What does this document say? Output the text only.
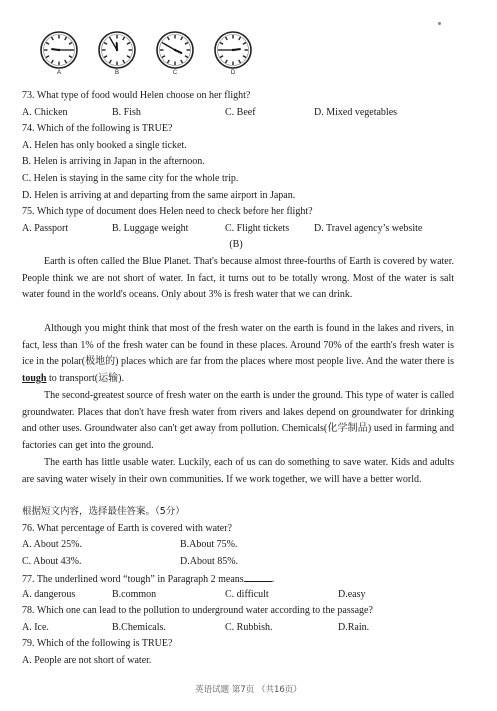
A	B	C	D
73. What type of food would Helen choose on her flight?
A. Chicken	B. Fish	C. Beef	D. Mixed vegetables
74. Which of the following is TRUE?
A. Helen has only booked a single ticket.
B. Helen is arriving in Japan in the afternoon.
C. Helen is staying in the same city for the whole trip.
D. Helen is arriving at and departing from the same airport in Japan.
75. Which type of document does Helen need to check before her flight?
A. Passport	B. Luggage weight	C. Flight tickets D. Travel agency’s website
(B)

Earth is often called the Blue Planet. That's because almost three-fourths of Earth is covered by water. People think we are not short of water. In fact, it turns out to be totally wrong. Most of the water is salt water found in the world's oceans. Only about 3% is fresh water that we can drink.

Although you might think that most of the fresh water on the earth is found in the lakes and rivers, in fact, less than 1% of the fresh water can be found in these places. Around 70% of the earth's fresh water is ice in the polar(极地的) places which are far from the places where most people live. And the water there is tough to transport(运输).

The second-greatest source of fresh water on the earth is under the ground. This type of water is called groundwater. Places that don't have fresh water from rivers and lakes depend on groundwater for drinking and other uses. Groundwater also can't get away from pollution. Chemicals(化学制品) used in farming and factories can get into the ground.

The earth has little usable water. Luckily, each of us can do something to save water. Kids and adults are saving water wisely in their own communities. If we work together, we will have a better world.

根据短文内容，选择最佳答案。（5分）
76. What percentage of Earth is covered with water?
A. About 25%.	B.About 75%.
C. About 43%.	D.About 85%.
77. The underlined word “tough” in Paragraph 2 means	.
A. dangerous	B.common	C. difficult	D.easy
78. Which one can lead to the pollution to underground water according to the passage?
A. Ice.	B.Chemicals.	C. Rubbish.	D.Rain.
79. Which of the following is TRUE?
A. People are not short of water.
英语试题 第7页 （共16页）
